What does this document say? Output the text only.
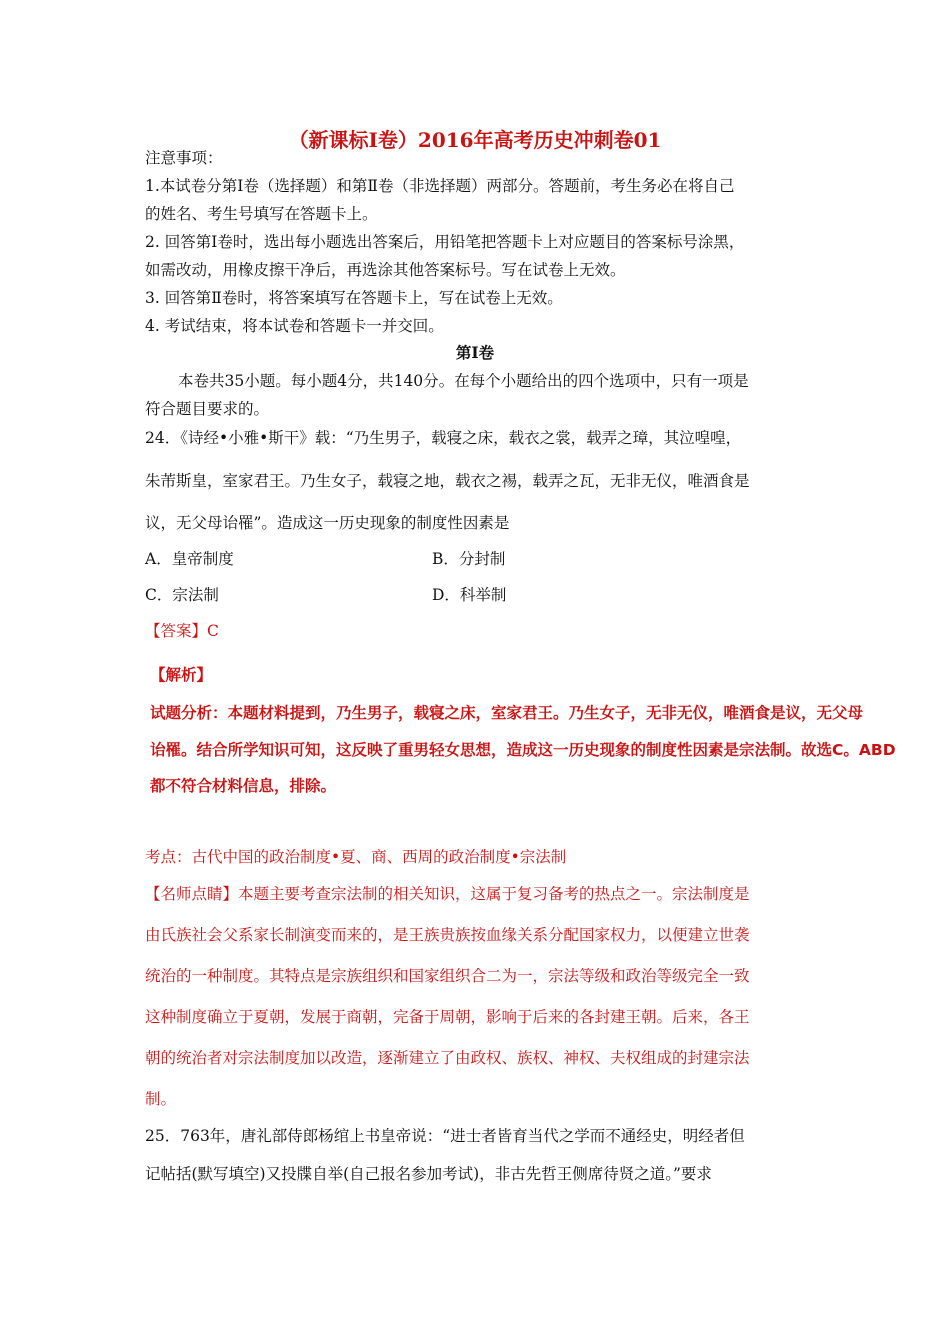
（新课标Ⅰ卷）2016年高考历史冲刺卷01
注意事项：
1.本试卷分第Ⅰ卷（选择题）和第Ⅱ卷（非选择题）两部分。答题前，考生务必在将自己
的姓名、考生号填写在答题卡上。
2. 回答第Ⅰ卷时，选出每小题选出答案后，用铅笔把答题卡上对应题目的答案标号涂黑，
如需改动，用橡皮擦干净后，再选涂其他答案标号。写在试卷上无效。
3. 回答第Ⅱ卷时，将答案填写在答题卡上，写在试卷上无效。
4. 考试结束，将本试卷和答题卡一并交回。
第Ⅰ卷
本卷共35小题。每小题4分，共140分。在每个小题给出的四个选项中，只有一项是
符合题目要求的。
24．《诗经•小雅•斯干》载：“乃生男子，载寝之床，载衣之裳，载弄之璋，其泣喤喤，
朱芾斯皇，室家君王。乃生女子，载寝之地，载衣之裼，载弄之瓦，无非无仪，唯酒食是
议，无父母诒罹”。造成这一历史现象的制度性因素是
A．皇帝制度	B．分封制
C．宗法制	D．科举制
【答案】C
【解析】
试题分析：本题材料提到，乃生男子，载寝之床，室家君王。乃生女子，无非无仪，唯酒食是议，无父母
诒罹。结合所学知识可知，这反映了重男轻女思想，造成这一历史现象的制度性因素是宗法制。故选C。ABD
都不符合材料信息，排除。
考点：古代中国的政治制度•夏、商、西周的政治制度•宗法制
【名师点睛】本题主要考查宗法制的相关知识，这属于复习备考的热点之一。宗法制度是
由氏族社会父系家长制演变而来的，是王族贵族按血缘关系分配国家权力，以便建立世袭
统治的一种制度。其特点是宗族组织和国家组织合二为一，宗法等级和政治等级完全一致
这种制度确立于夏朝，发展于商朝，完备于周朝，影响于后来的各封建王朝。后来，各王
朝的统治者对宗法制度加以改造，逐渐建立了由政权、族权、神权、夫权组成的封建宗法
制。
25．763年，唐礼部侍郎杨绾上书皇帝说：“进士者皆育当代之学而不通经史，明经者但
记帖括(默写填空)又投牒自举(自己报名参加考试)，非古先哲王侧席待贤之道。”要求
